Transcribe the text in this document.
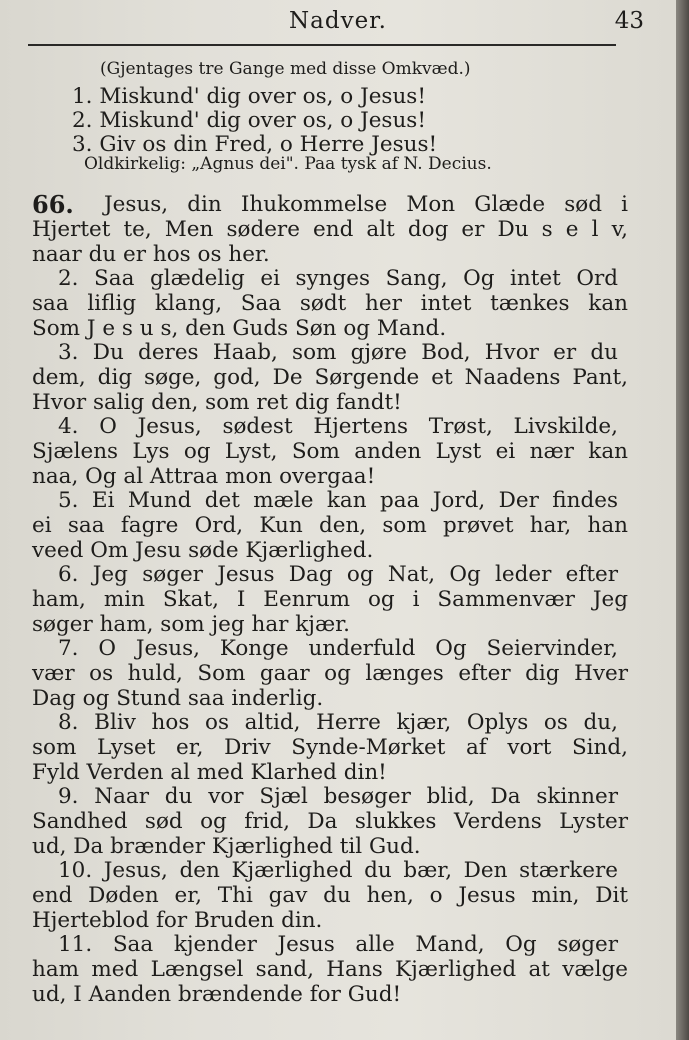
Nadver.	43
(Gjentages tre Gange med disse Omkvæd.)
1. Miskund' dig over os, o Jesus!
2. Miskund' dig over os, o Jesus!
3. Giv os din Fred, o Herre Jesus!
Oldkirkelig: „Agnus dei". Paa tysk af N. Decius.
66.	Jesus, din Ihukommelse Mon Glæde sød i
Hjertet te, Men sødere end alt dog er Du s e l v,
naar du er hos os her.
2. Saa glædelig ei synges Sang, Og intet Ord
saa liflig klang, Saa sødt her intet tænkes kan
Som J e s u s, den Guds Søn og Mand.
3. Du deres Haab, som gjøre Bod, Hvor er du
dem, dig søge, god, De Sørgende et Naadens Pant,
Hvor salig den, som ret dig fandt!
4. O Jesus, sødest Hjertens Trøst, Livskilde,
Sjælens Lys og Lyst, Som anden Lyst ei nær kan
naa, Og al Attraa mon overgaa!
5. Ei Mund det mæle kan paa Jord, Der findes
ei saa fagre Ord, Kun den, som prøvet har, han
veed Om Jesu søde Kjærlighed.
6. Jeg søger Jesus Dag og Nat, Og leder efter
ham, min Skat, I Eenrum og i Sammenvær Jeg
søger ham, som jeg har kjær.
7. O Jesus, Konge underfuld Og Seiervinder,
vær os huld, Som gaar og længes efter dig Hver
Dag og Stund saa inderlig.
8. Bliv hos os altid, Herre kjær, Oplys os du,
som Lyset er, Driv Synde-Mørket af vort Sind,
Fyld Verden al med Klarhed din!
9. Naar du vor Sjæl besøger blid, Da skinner
Sandhed sød og frid, Da slukkes Verdens Lyster
ud, Da brænder Kjærlighed til Gud.
10. Jesus, den Kjærlighed du bær, Den stærkere
end Døden er, Thi gav du hen, o Jesus min, Dit
Hjerteblod for Bruden din.
11. Saa kjender Jesus alle Mand, Og søger
ham med Længsel sand, Hans Kjærlighed at vælge
ud, I Aanden brændende for Gud!
